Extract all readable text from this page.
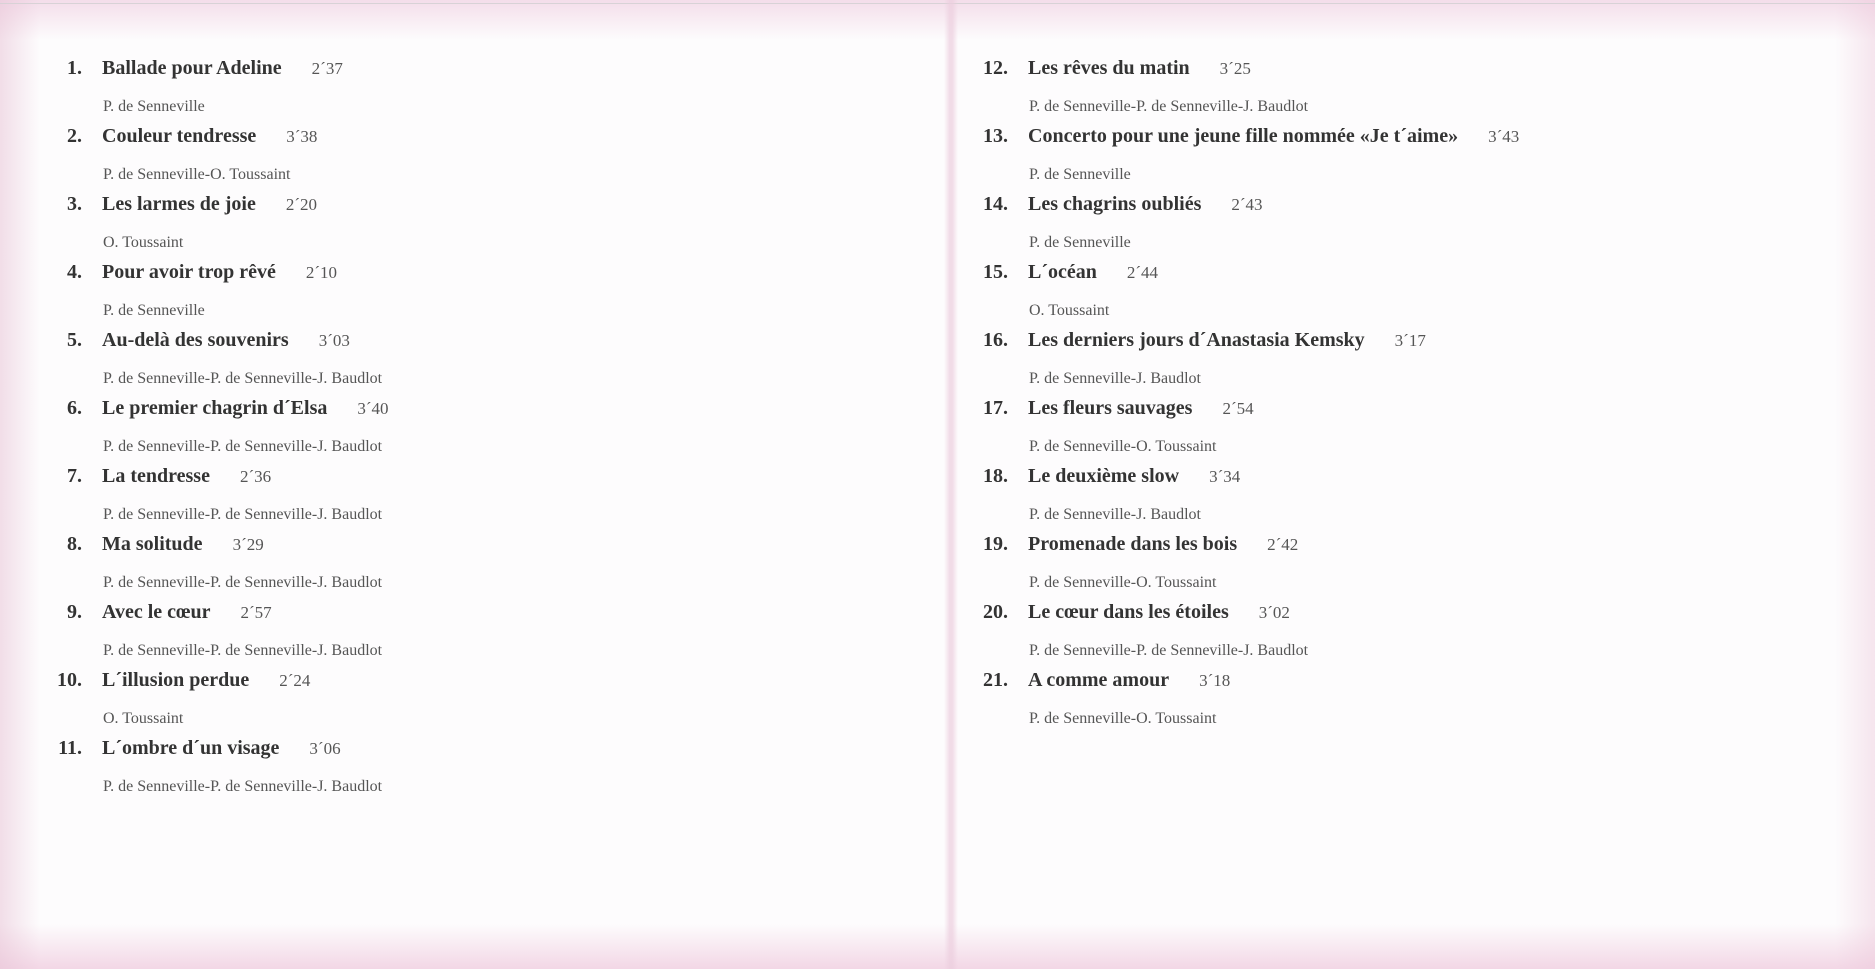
1.	Ballade pour Adeline 2´37
P. de Senneville
2.	Couleur tendresse 3´38
P. de Senneville-O. Toussaint
3.	Les larmes de joie 2´20
O. Toussaint
4.	Pour avoir trop rêvé 2´10
P. de Senneville
5.	Au-delà des souvenirs 3´03
P. de Senneville-P. de Senneville-J. Baudlot
6.	Le premier chagrin d´Elsa 3´40
P. de Senneville-P. de Senneville-J. Baudlot
7.	La tendresse 2´36
P. de Senneville-P. de Senneville-J. Baudlot
8.	Ma solitude 3´29
P. de Senneville-P. de Senneville-J. Baudlot
9.	Avec le cœur 2´57
P. de Senneville-P. de Senneville-J. Baudlot
10.	L´illusion perdue 2´24
O. Toussaint
11.	L´ombre d´un visage 3´06
P. de Senneville-P. de Senneville-J. Baudlot
12.	Les rêves du matin 3´25
P. de Senneville-P. de Senneville-J. Baudlot
13.	Concerto pour une jeune fille nommée «Je t´aime» 3´43
P. de Senneville
14.	Les chagrins oubliés 2´43
P. de Senneville
15.	L´océan 2´44
O. Toussaint
16.	Les derniers jours d´Anastasia Kemsky 3´17
P. de Senneville-J. Baudlot
17.	Les fleurs sauvages 2´54
P. de Senneville-O. Toussaint
18.	Le deuxième slow 3´34
P. de Senneville-J. Baudlot
19.	Promenade dans les bois 2´42
P. de Senneville-O. Toussaint
20.	Le cœur dans les étoiles 3´02
P. de Senneville-P. de Senneville-J. Baudlot
21.	A comme amour 3´18
P. de Senneville-O. Toussaint
